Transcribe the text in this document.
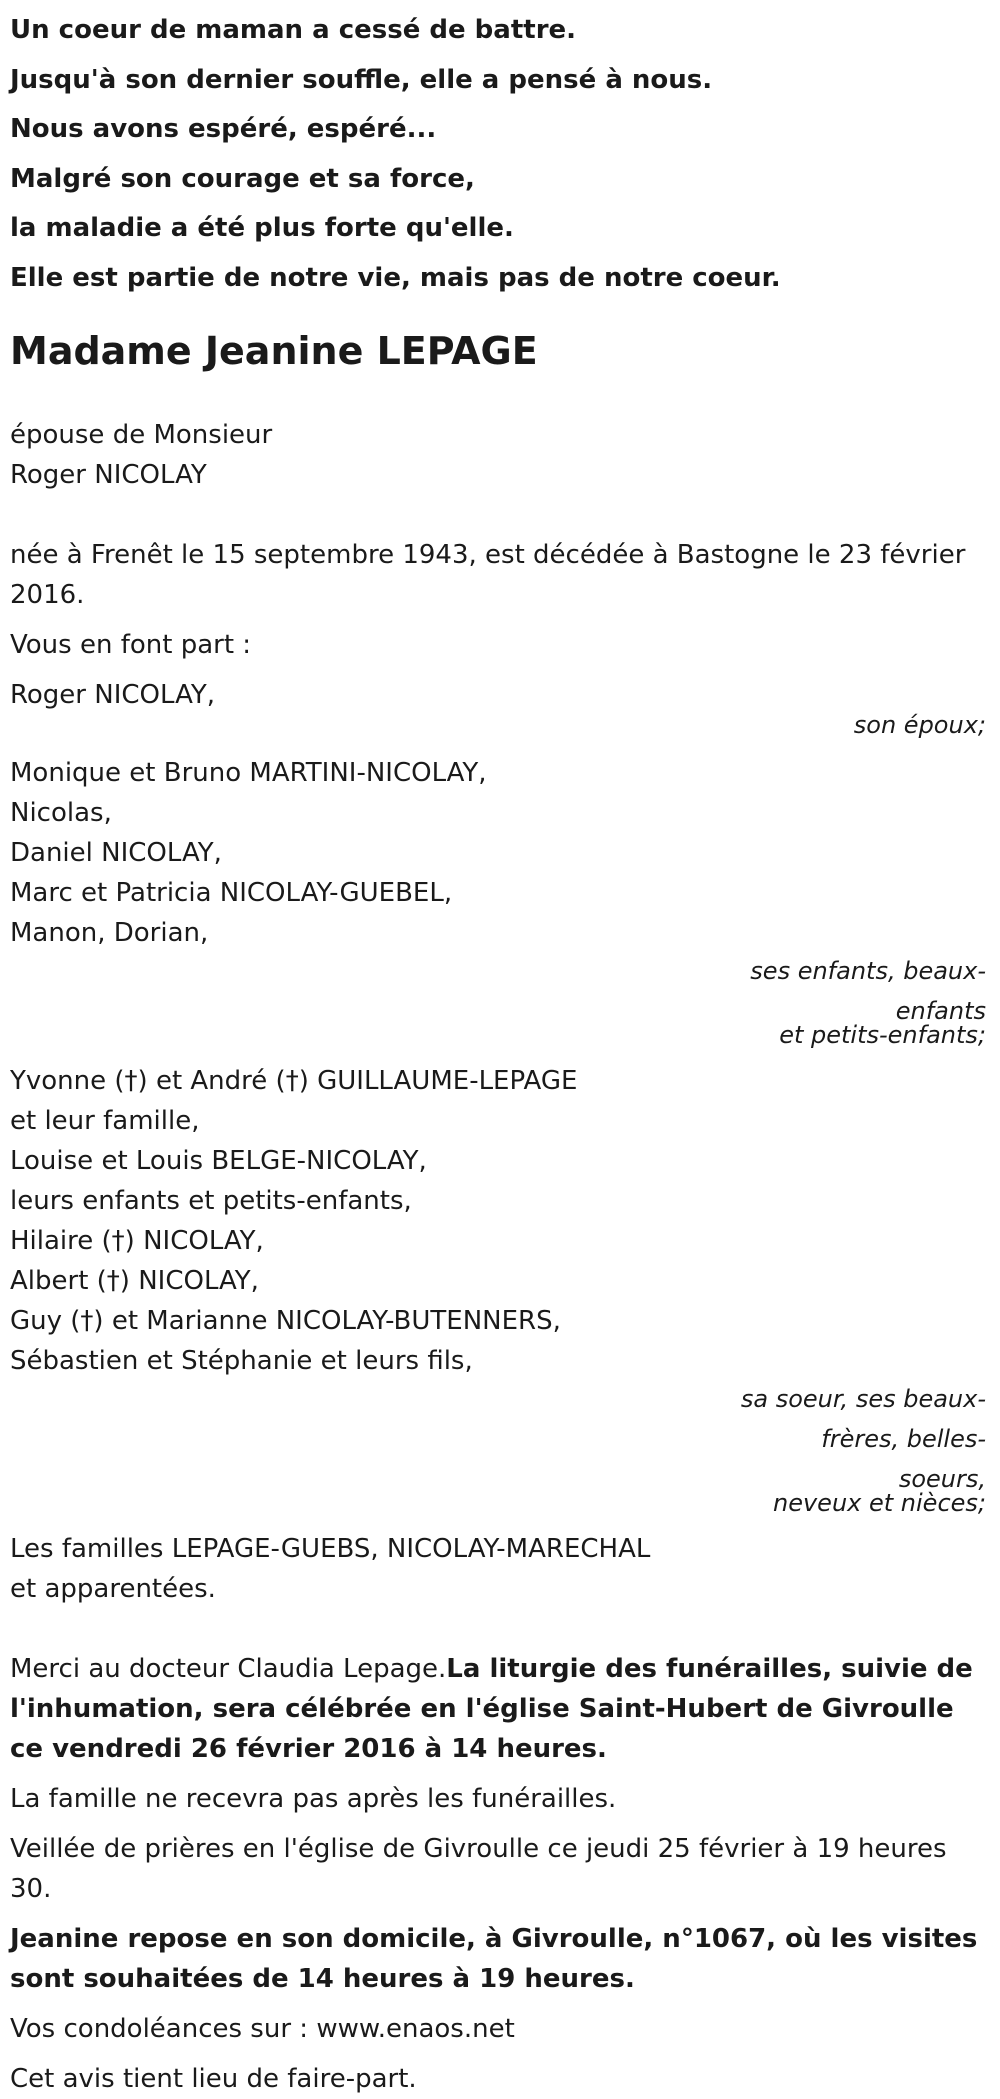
Un coeur de maman a cessé de battre.

Jusqu'à son dernier souffle, elle a pensé à nous.

Nous avons espéré, espéré...

Malgré son courage et sa force,

la maladie a été plus forte qu'elle.

Elle est partie de notre vie, mais pas de notre coeur.

Madame Jeanine LEPAGE

épouse de Monsieur

Roger NICOLAY

née à Frenêt le 15 septembre 1943, est décédée à Bastogne le 23 février 2016.

Vous en font part :

Roger NICOLAY,

son époux;

Monique et Bruno MARTINI-NICOLAY,

Nicolas,

Daniel NICOLAY,

Marc et Patricia NICOLAY-GUEBEL,

Manon, Dorian,

ses enfants, beaux-
enfants
et petits-enfants;

Yvonne (†) et André (†) GUILLAUME-LEPAGE

et leur famille,

Louise et Louis BELGE-NICOLAY,

leurs enfants et petits-enfants,

Hilaire (†) NICOLAY,

Albert (†) NICOLAY,

Guy (†) et Marianne NICOLAY-BUTENNERS,

Sébastien et Stéphanie et leurs fils,

sa soeur, ses beaux-
frères, belles-
soeurs,
neveux et nièces;

Les familles LEPAGE-GUEBS, NICOLAY-MARECHAL

et apparentées.

Merci au docteur Claudia Lepage.La liturgie des funérailles, suivie de l'inhumation, sera célébrée en l'église Saint-Hubert de Givroulle ce vendredi 26 février 2016 à 14 heures.

La famille ne recevra pas après les funérailles.

Veillée de prières en l'église de Givroulle ce jeudi 25 février à 19 heures 30.

Jeanine repose en son domicile, à Givroulle, n°1067, où les visites sont souhaitées de 14 heures à 19 heures.

Vos condoléances sur : www.enaos.net

Cet avis tient lieu de faire-part.
